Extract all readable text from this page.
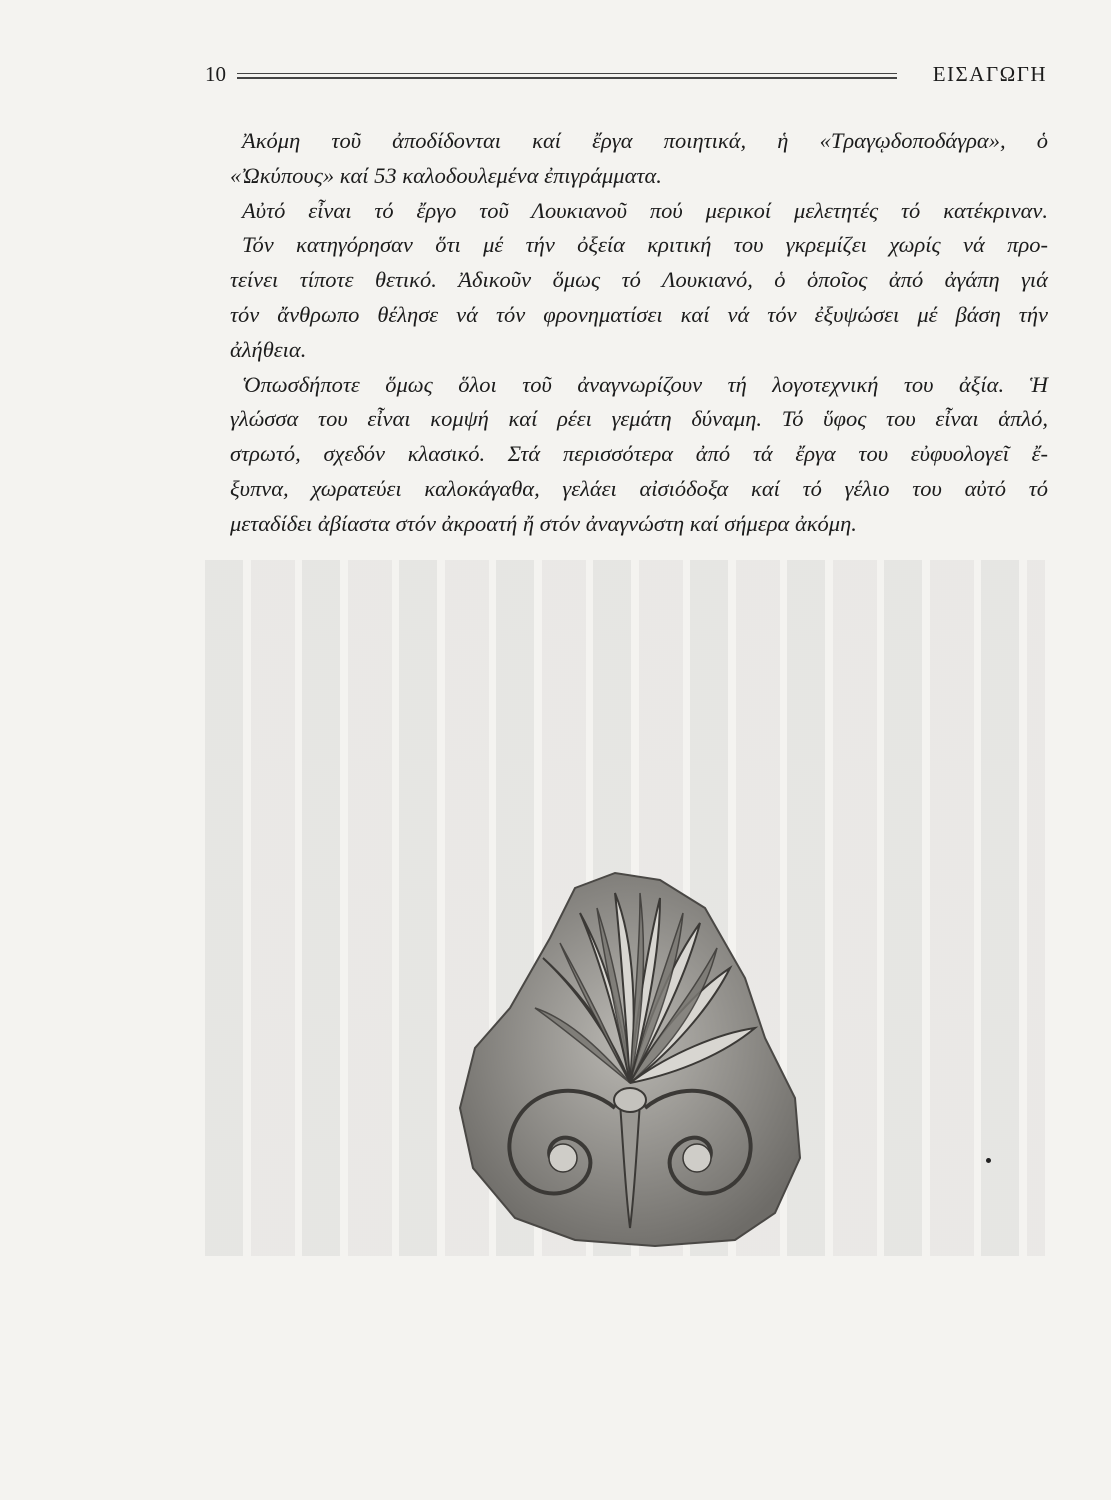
10	ΕΙΣΑΓΩΓΗ
Ἀκόμη τοῦ ἀποδίδονται καί ἔργα ποιητικά, ἡ «Τραγῳδοποδάγρα», ὁ
«Ὠκύπους» καί 53 καλοδουλεμένα ἐπιγράμματα.
Αὐτό εἶναι τό ἔργο τοῦ Λουκιανοῦ πού μερικοί μελετητές τό κατέκριναν.
Τόν κατηγόρησαν ὅτι μέ τήν ὀξεία κριτική του γκρεμίζει χωρίς νά προ-
τείνει τίποτε θετικό. Ἀδικοῦν ὅμως τό Λουκιανό, ὁ ὁποῖος ἀπό ἀγάπη γιά
τόν ἄνθρωπο θέλησε νά τόν φρονηματίσει καί νά τόν ἐξυψώσει μέ βάση τήν
ἀλήθεια.
Ὁπωσδήποτε ὅμως ὅλοι τοῦ ἀναγνωρίζουν τή λογοτεχνική του ἀξία. Ἡ
γλώσσα του εἶναι κομψή καί ρέει γεμάτη δύναμη. Τό ὕφος του εἶναι ἁπλό,
στρωτό, σχεδόν κλασικό. Στά περισσότερα ἀπό τά ἔργα του εὐφυολογεῖ ἔ-
ξυπνα, χωρατεύει καλοκάγαθα, γελάει αἰσιόδοξα καί τό γέλιο του αὐτό τό
μεταδίδει ἀβίαστα στόν ἀκροατή ἤ στόν ἀναγνώστη καί σήμερα ἀκόμη.
